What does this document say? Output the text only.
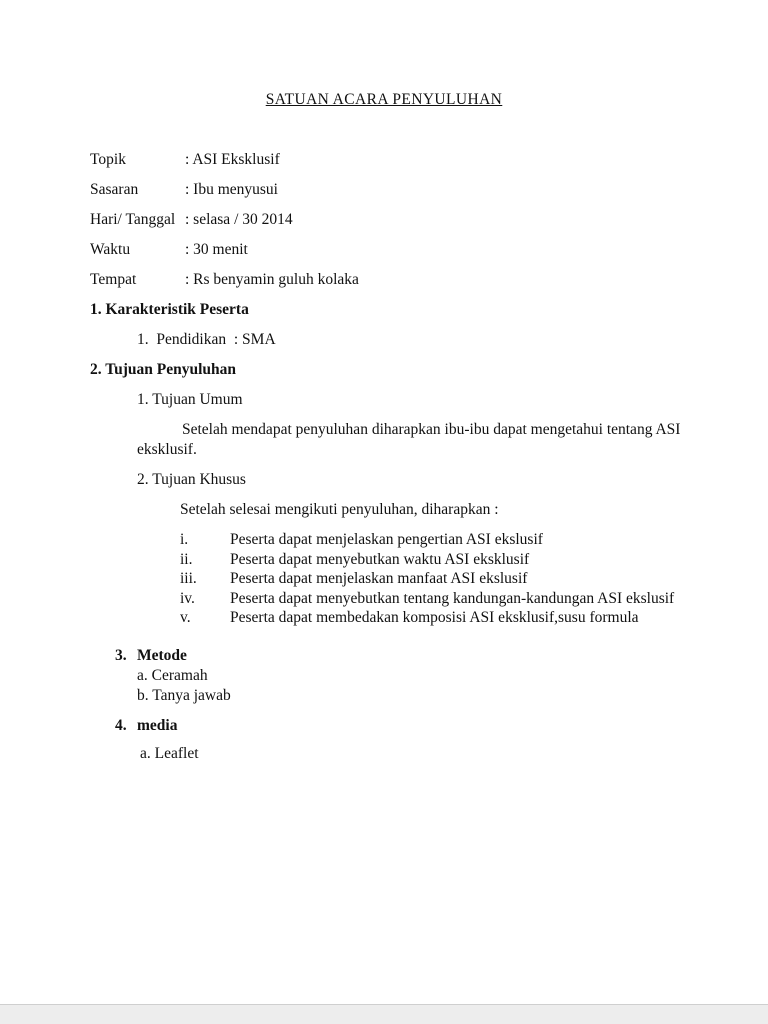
SATUAN ACARA PENYULUHAN
Topik	: ASI Eksklusif
Sasaran	: Ibu menyusui
Hari/ Tanggal : selasa / 30 2014
Waktu	: 30 menit
Tempat	: Rs benyamin guluh kolaka
1. Karakteristik Peserta
1.  Pendidikan  : SMA
2. Tujuan Penyuluhan
1. Tujuan Umum

Setelah mendapat penyuluhan diharapkan ibu-ibu dapat mengetahui tentang ASI eksklusif.

2. Tujuan Khusus
Setelah selesai mengikuti penyuluhan, diharapkan :
i.	Peserta dapat menjelaskan pengertian ASI ekslusif
ii.	Peserta dapat menyebutkan waktu ASI eksklusif
iii.	Peserta dapat menjelaskan manfaat ASI ekslusif
iv.	Peserta dapat menyebutkan tentang kandungan-kandungan ASI ekslusif
v.	Peserta dapat membedakan komposisi ASI eksklusif,susu formula
3. Metode
a. Ceramah
b. Tanya jawab
4. media
a. Leaflet
